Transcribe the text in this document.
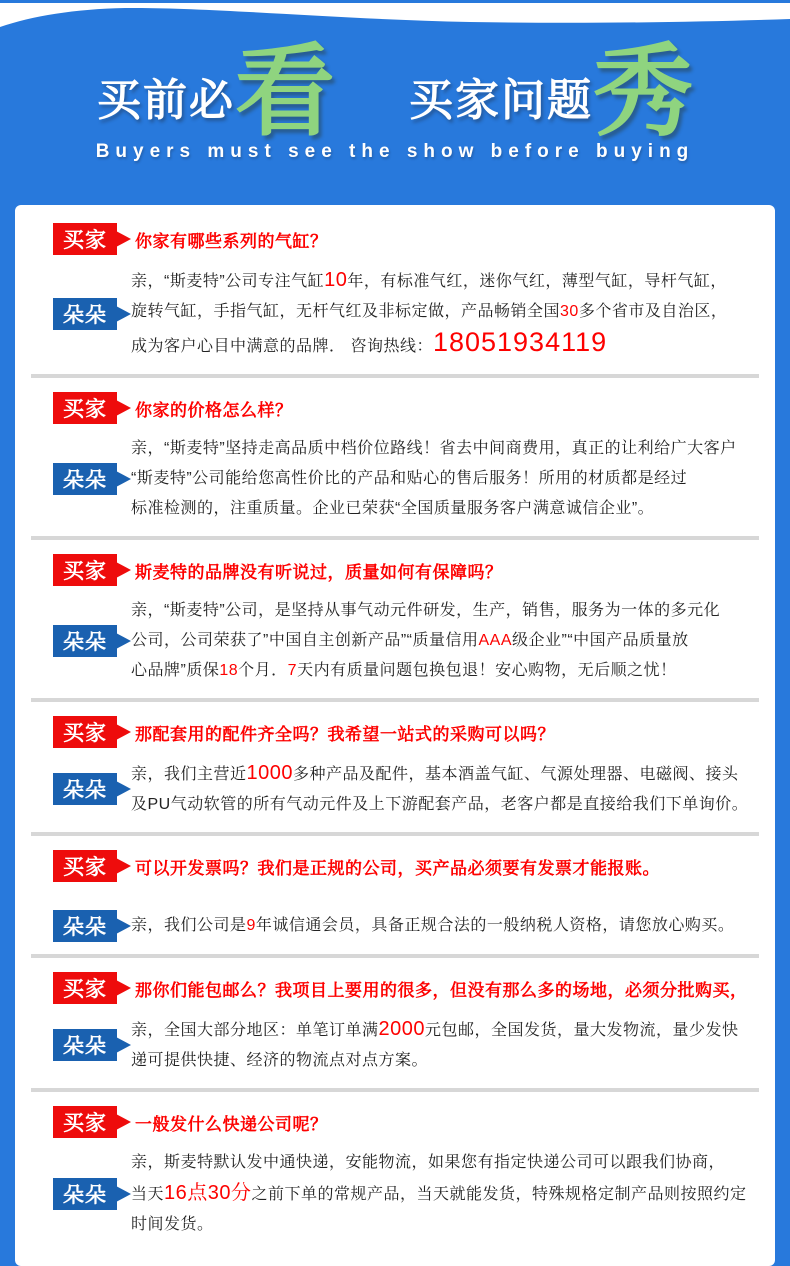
买前必 看 买家问题 秀
Buyers must see the show before buying
买家 你家有哪些系列的气缸？
朵朵
亲，“斯麦特”公司专注气缸10年，有标准气红，迷你气红，薄型气缸，导杆气缸，
旋转气缸，手指气缸，无杆气红及非标定做，产品畅销全国30多个省市及自治区，
成为客户心目中满意的品牌． 咨询热线：18051934119
买家 你家的价格怎么样？
朵朵
亲，“斯麦特”坚持走高品质中档价位路线！省去中间商费用，真正的让利给广大客户
“斯麦特”公司能给您高性价比的产品和贴心的售后服务！所用的材质都是经过
标准检测的，注重质量。企业已荣获“全国质量服务客户满意诚信企业”。
买家 斯麦特的品牌没有听说过，质量如何有保障吗？
朵朵
亲，“斯麦特”公司，是坚持从事气动元件研发，生产，销售，服务为一体的多元化
公司，公司荣获了”中国自主创新产品”“质量信用AAA级企业”“中国产品质量放
心品牌”质保18个月．7天内有质量问题包换包退！安心购物，无后顺之忧！
买家 那配套用的配件齐全吗？我希望一站式的采购可以吗？
朵朵
亲，我们主营近1000多种产品及配件，基本酒盖气缸、气源处理器、电磁阀、接头
及PU气动软管的所有气动元件及上下游配套产品，老客户都是直接给我们下单询价。
买家 可以开发票吗？我们是正规的公司，买产品必须要有发票才能报账。
朵朵 亲，我们公司是9年诚信通会员，具备正规合法的一般纳税人资格，请您放心购买。
买家 那你们能包邮么？我项目上要用的很多，但没有那么多的场地，必须分批购买，
朵朵
亲，全国大部分地区：单笔订单满2000元包邮，全国发货，量大发物流，量少发快
递可提供快捷、经济的物流点对点方案。
买家 一般发什么快递公司呢？
朵朵
亲，斯麦特默认发中通快递，安能物流，如果您有指定快递公司可以跟我们协商，
当天16点30分之前下单的常规产品，当天就能发货，特殊规格定制产品则按照约定
时间发货。
